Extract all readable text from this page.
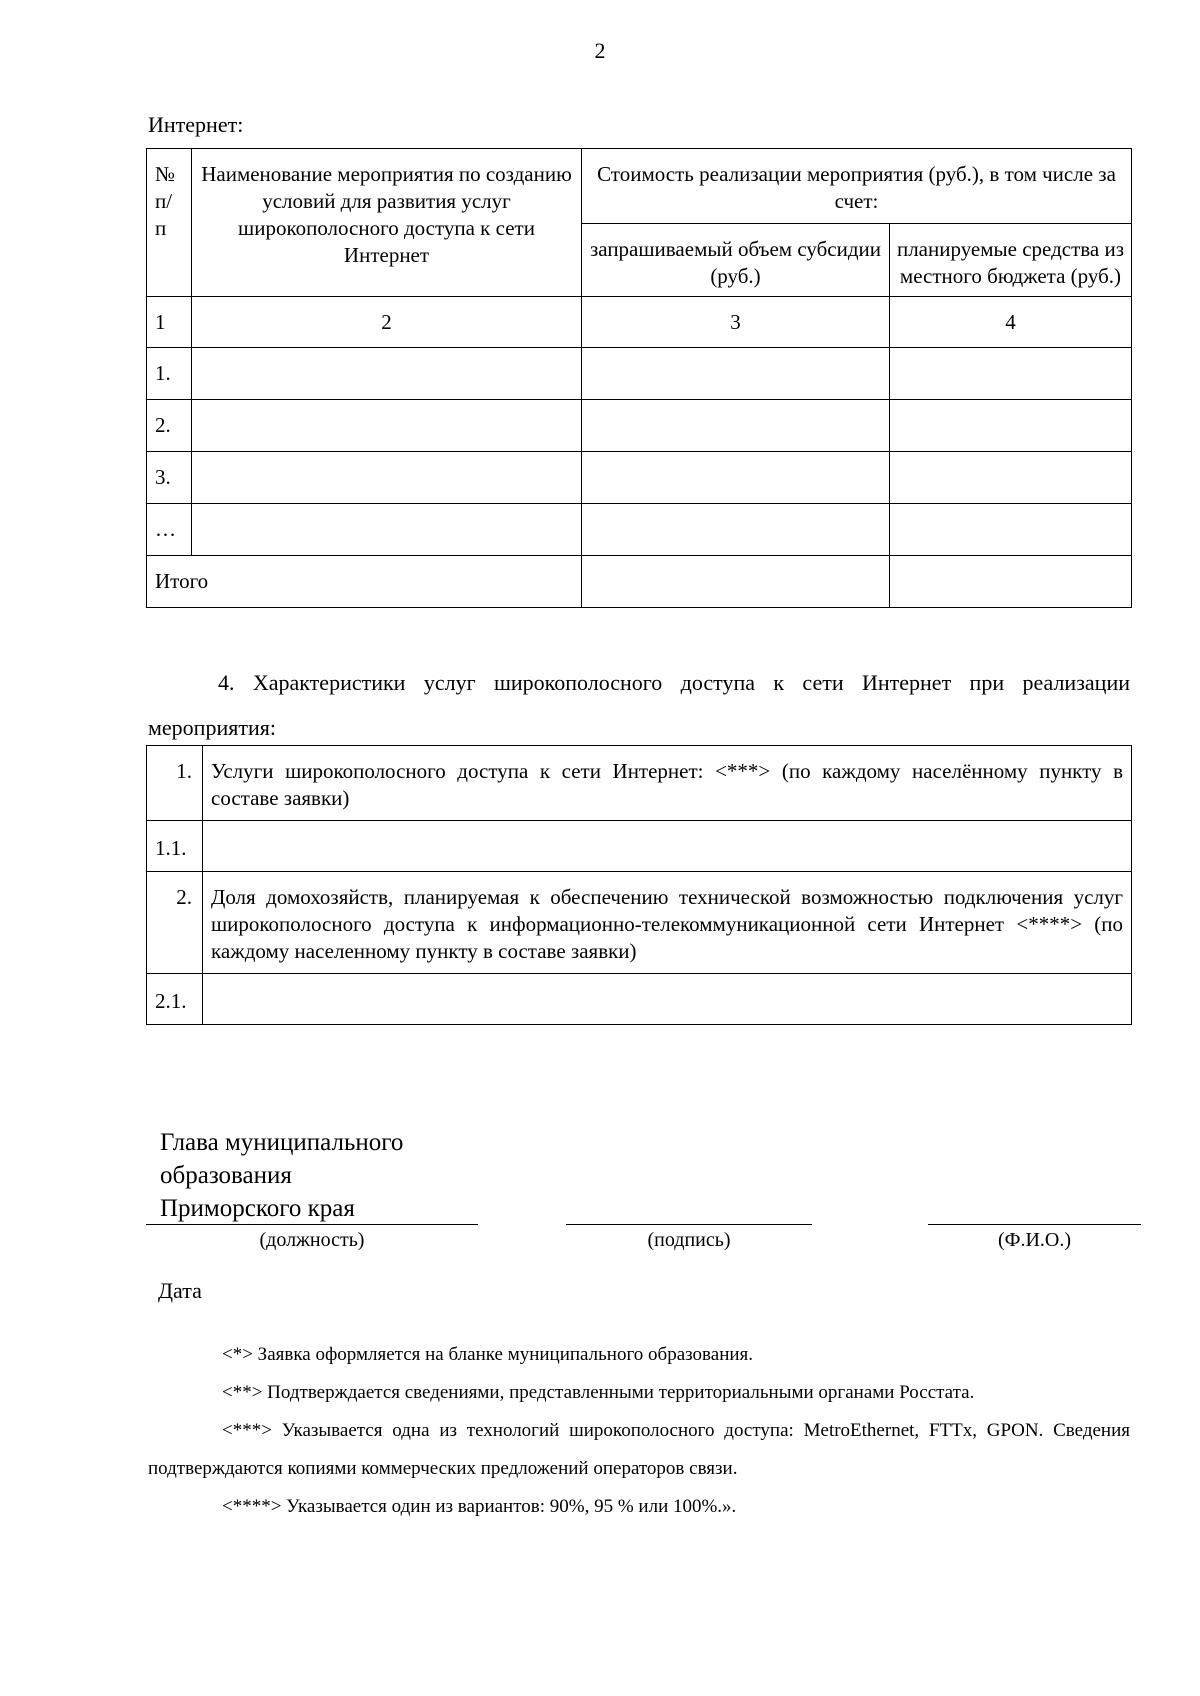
2
Интернет:
№ п/ п	Наименование мероприятия по созданию условий для развития услуг широкополосного доступа к сети Интернет	Стоимость реализации мероприятия (руб.), в том числе за счет:	
		запрашиваемый объем субсидии (руб.)	планируемые средства из местного бюджета (руб.)
1	2	3	4
1.			
2.			
3.			
…			
Итого			
4. Характеристики услуг широкополосного доступа к сети Интернет при реализации мероприятия:
1.	Услуги широкополосного доступа к сети Интернет: <***> (по каждому населённому пункту в составе заявки)
1.1.	
2.	Доля домохозяйств, планируемая к обеспечению технической возможностью подключения услуг широкополосного доступа к информационно-телекоммуникационной сети Интернет <****> (по каждому населенному пункту в составе заявки)
2.1.	
Глава муниципального
образования
Приморского края
(должность)	(подпись)	(Ф.И.О.)
Дата
<*> Заявка оформляется на бланке муниципального образования.
<**> Подтверждается сведениями, представленными территориальными органами Росстата.
<***> Указывается одна из технологий широкополосного доступа: MetroEthernet, FTTx, GPON. Сведения подтверждаются копиями коммерческих предложений операторов связи.
<****> Указывается один из вариантов: 90%, 95 % или 100%.».
